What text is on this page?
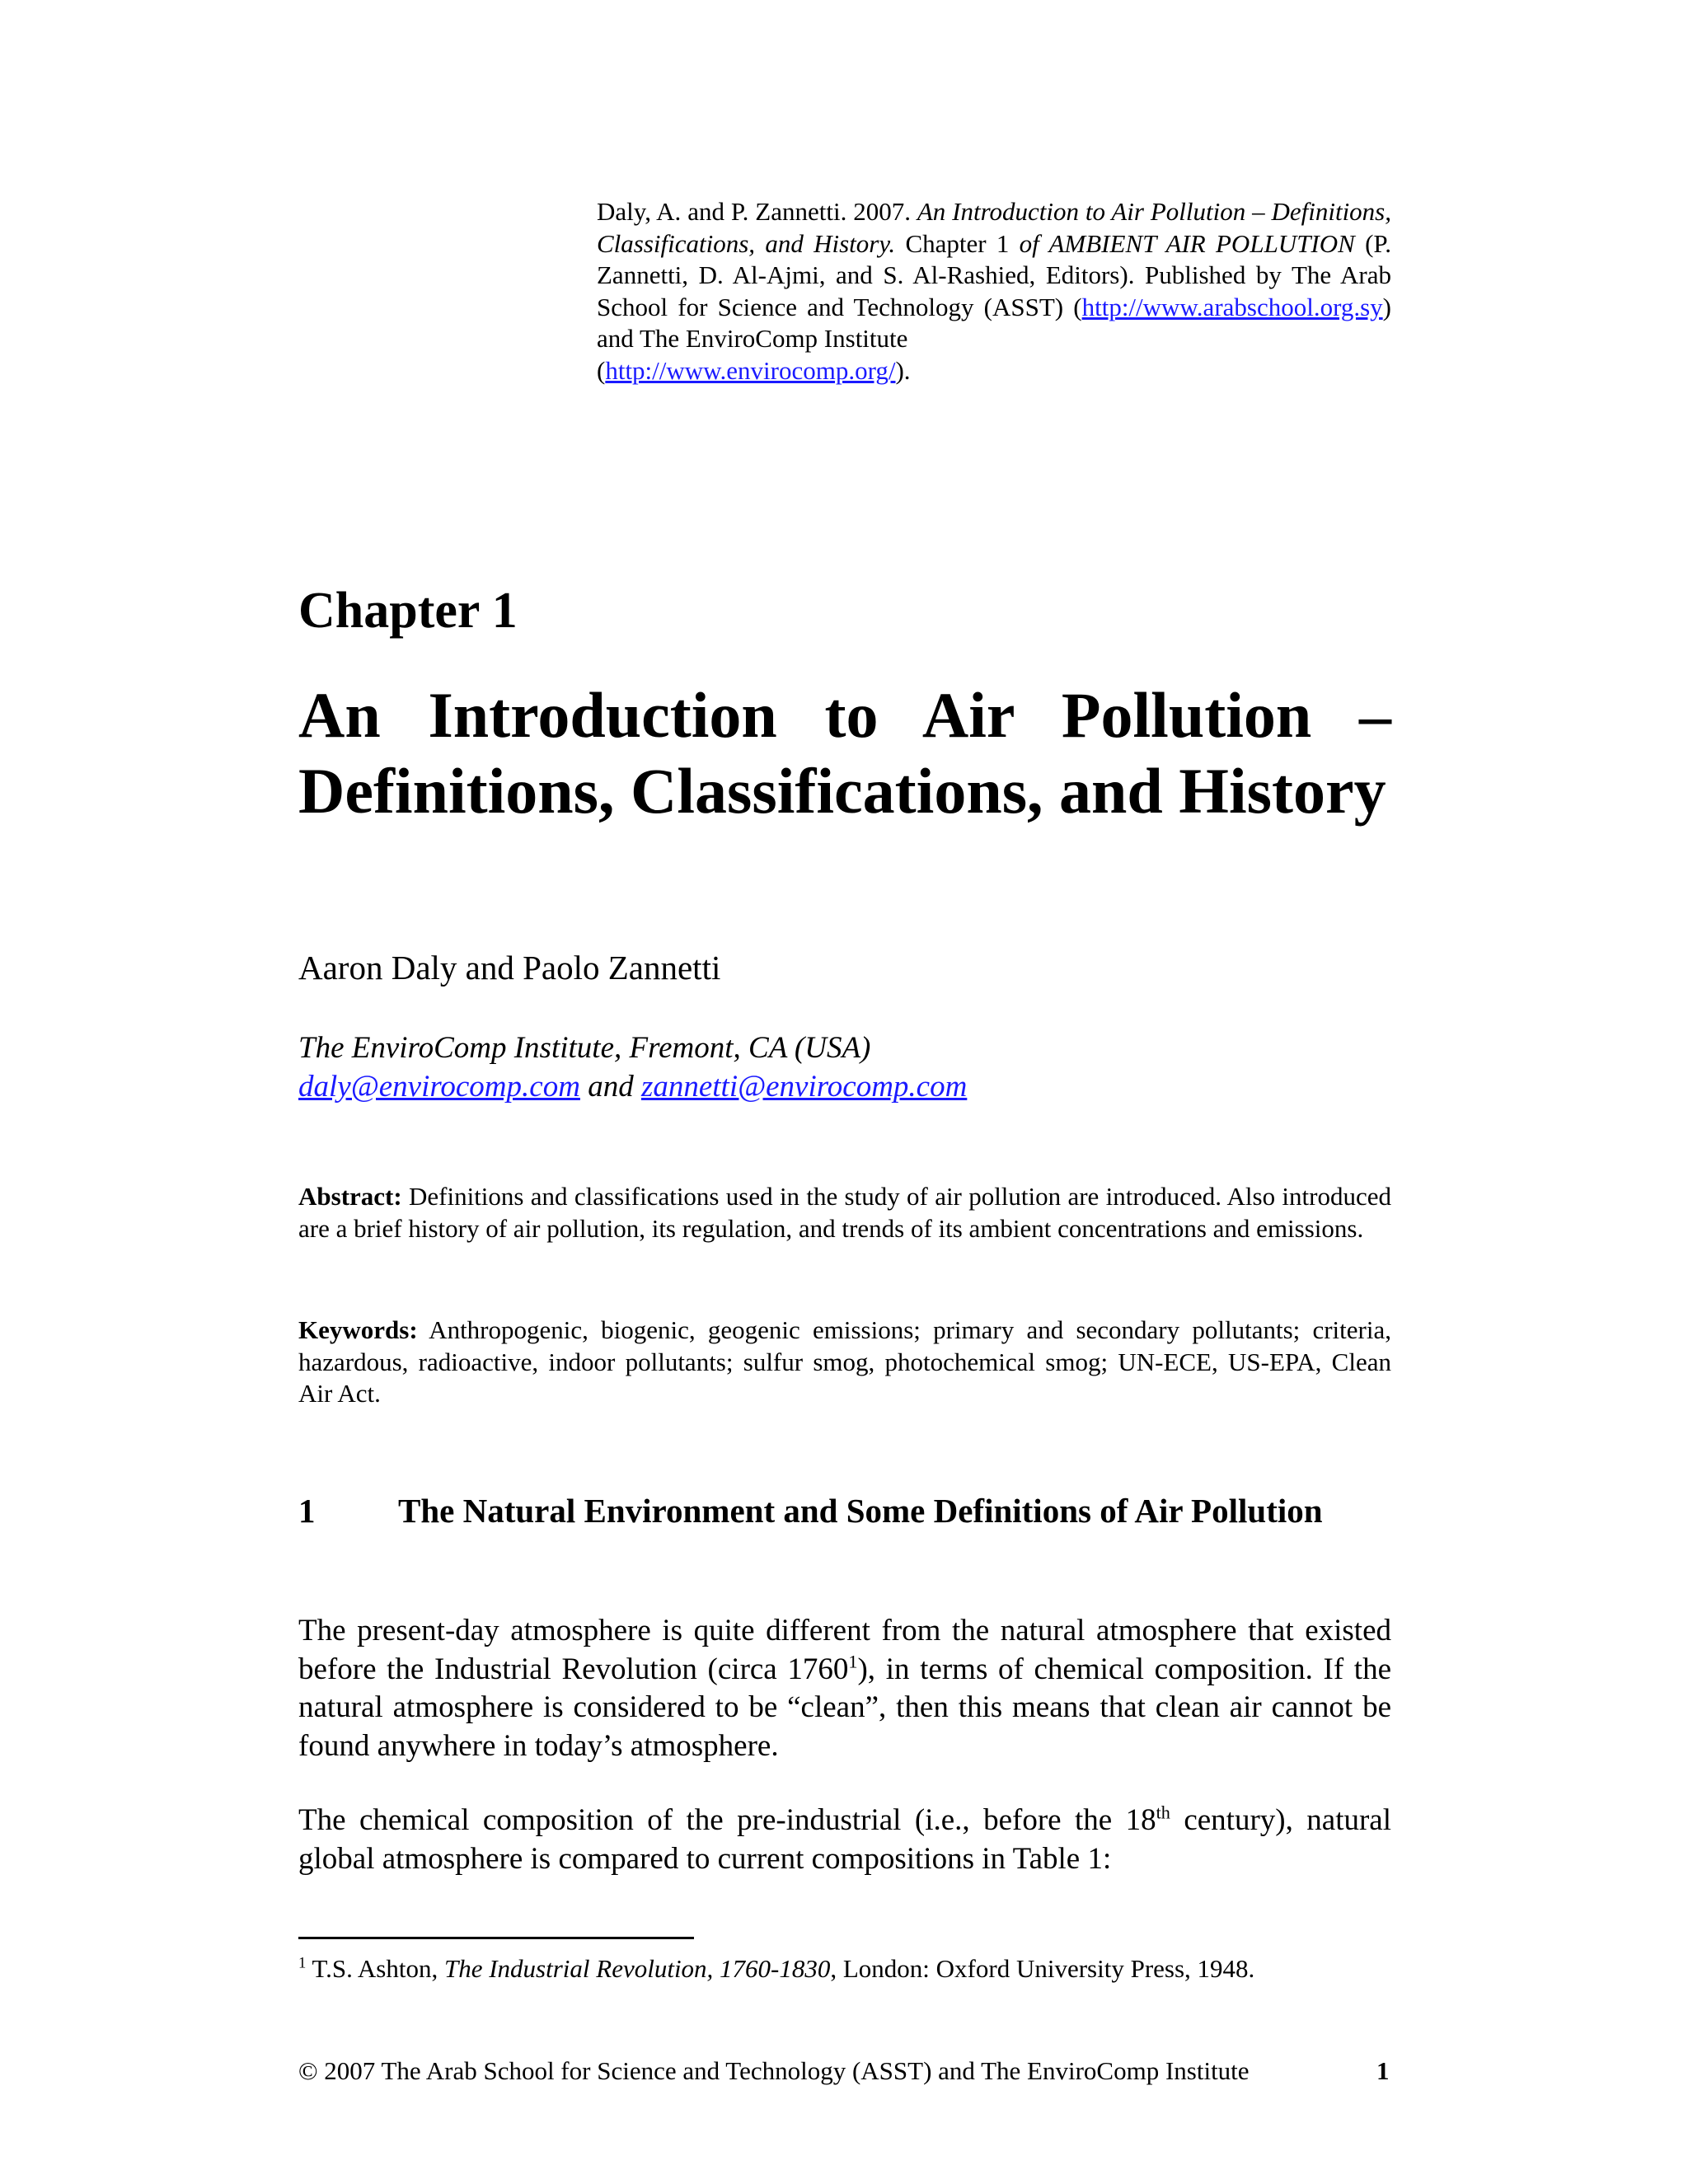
Daly, A. and P. Zannetti. 2007. An Introduction to Air Pollution – Definitions, Classifications, and History. Chapter 1 of AMBIENT AIR POLLUTION (P. Zannetti, D. Al-Ajmi, and S. Al-Rashied, Editors). Published by The Arab School for Science and Technology (ASST) (http://www.arabschool.org.sy) and The EnviroComp Institute
(http://www.envirocomp.org/).
Chapter 1
An Introduction to Air Pollution – Definitions, Classifications, and History
Aaron Daly and Paolo Zannetti
The EnviroComp Institute, Fremont, CA (USA)
daly@envirocomp.com and zannetti@envirocomp.com
Abstract: Definitions and classifications used in the study of air pollution are introduced. Also introduced are a brief history of air pollution, its regulation, and trends of its ambient concentrations and emissions.
Keywords: Anthropogenic, biogenic, geogenic emissions; primary and secondary pollutants; criteria, hazardous, radioactive, indoor pollutants; sulfur smog, photochemical smog; UN-ECE, US-EPA, Clean Air Act.
1 The Natural Environment and Some Definitions of Air Pollution
The present-day atmosphere is quite different from the natural atmosphere that existed before the Industrial Revolution (circa 1760$^1$), in terms of chemical composition. If the natural atmosphere is considered to be “clean”, then this means that clean air cannot be found anywhere in today’s atmosphere.
The chemical composition of the pre-industrial (i.e., before the 18th century), natural global atmosphere is compared to current compositions in Table 1:
$^1$ T.S. Ashton, The Industrial Revolution, 1760-1830, London: Oxford University Press, 1948.
© 2007 The Arab School for Science and Technology (ASST) and The EnviroComp Institute	1
